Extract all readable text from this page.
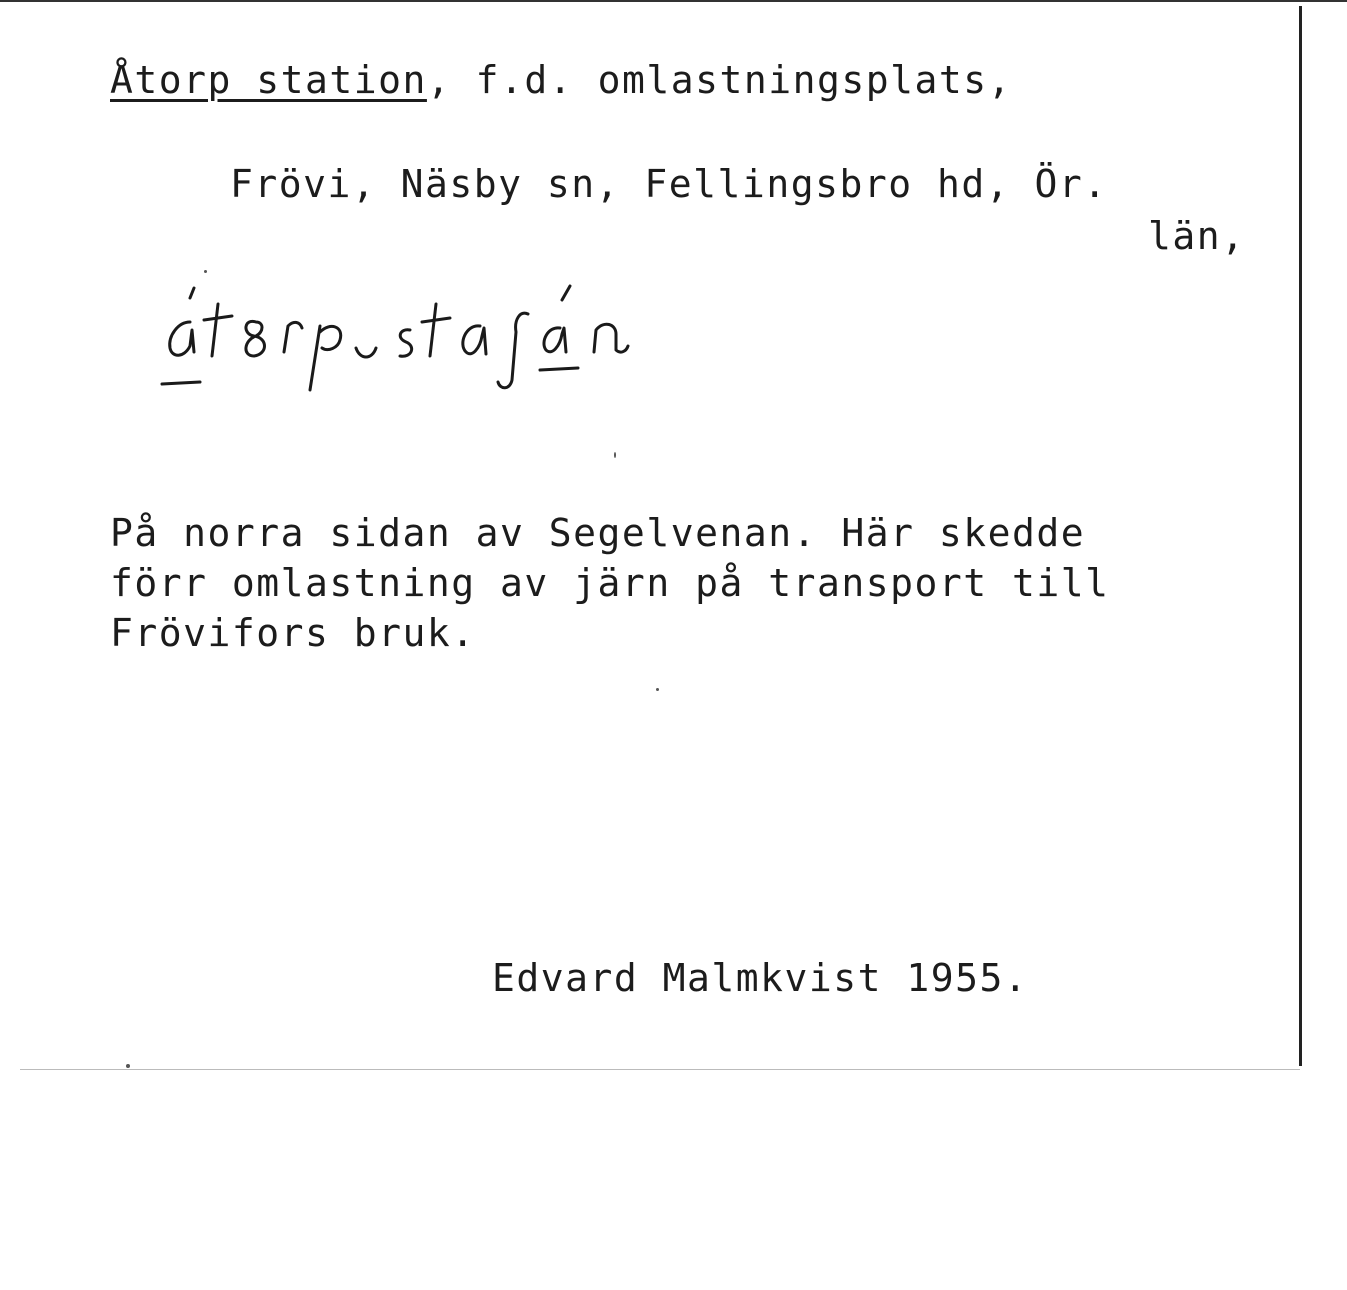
Åtorp station, f.d. omlastningsplats,
Frövi, Näsby sn, Fellingsbro hd, Ör.
län,
På norra sidan av Segelvenan. Här skedde
förr omlastning av järn på transport till
Frövifors bruk.
Edvard Malmkvist 1955.
